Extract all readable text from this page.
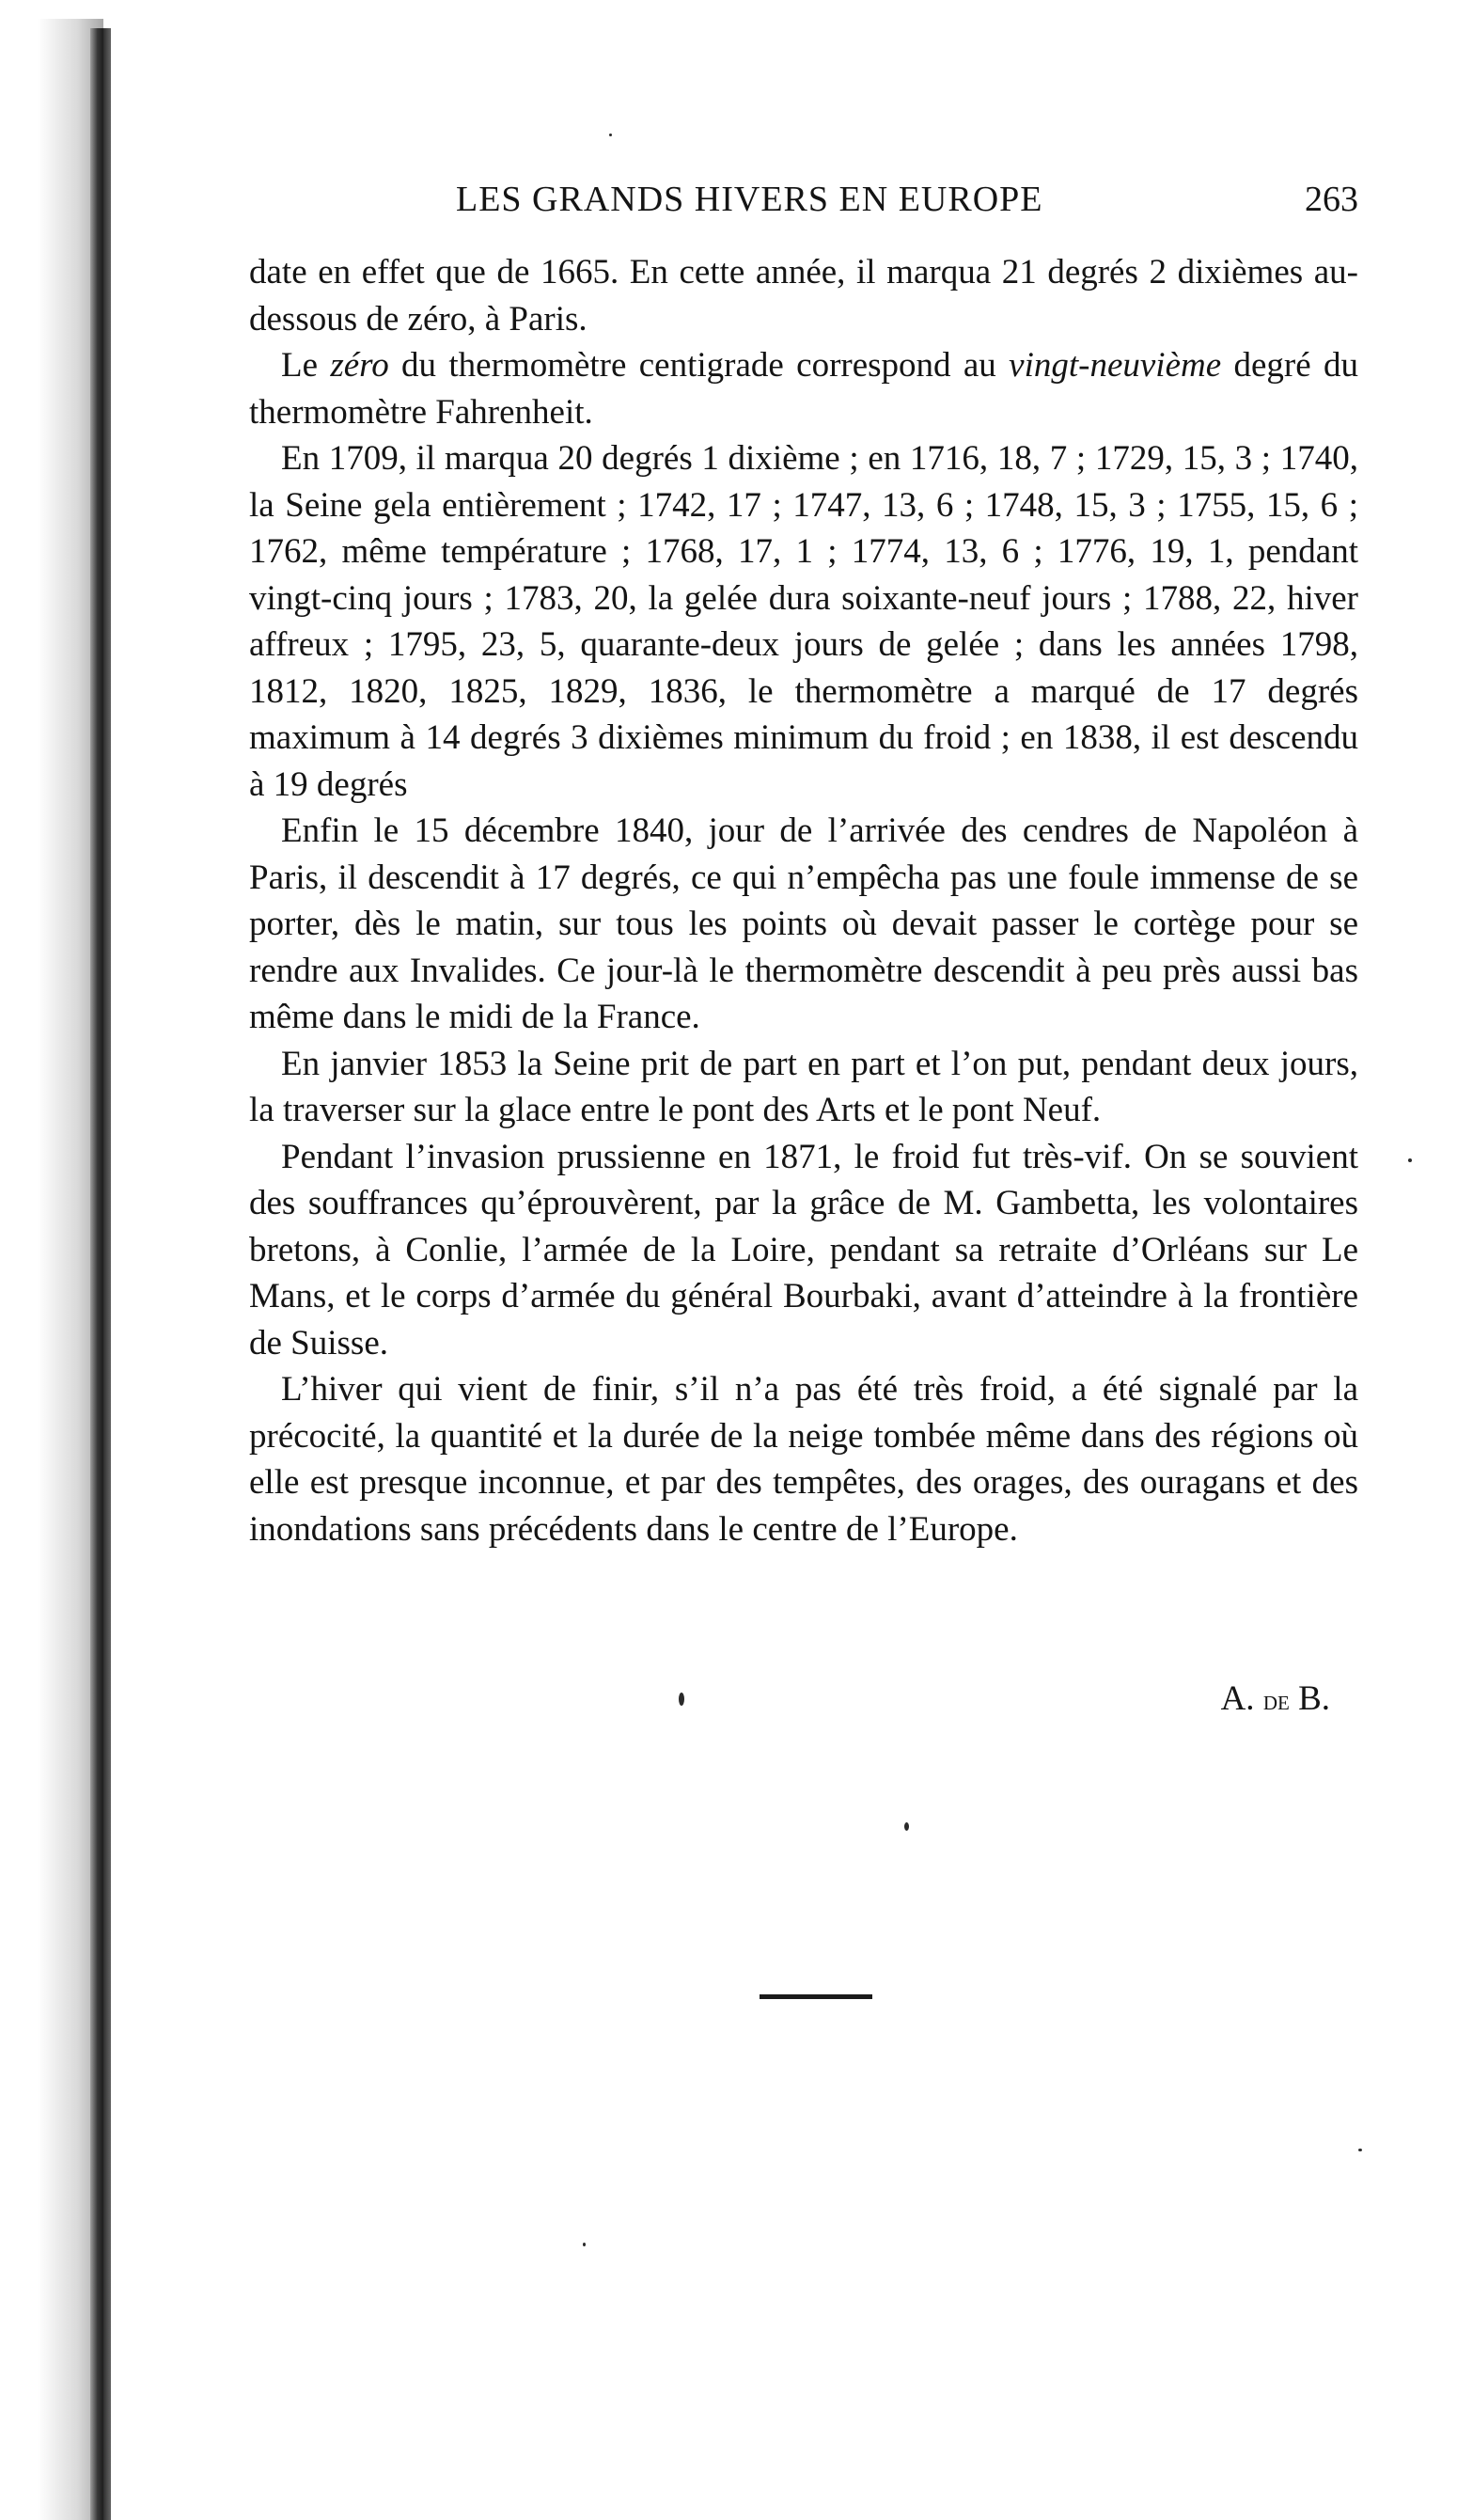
LES GRANDS HIVERS EN EUROPE	263

date en effet que de 1665. En cette année, il marqua 21 degrés 2 dixièmes au-dessous de zéro, à Paris.

Le zéro du thermomètre centigrade correspond au vingt-neuvième degré du thermomètre Fahrenheit.

En 1709, il marqua 20 degrés 1 dixième ; en 1716, 18, 7 ; 1729, 15, 3 ; 1740, la Seine gela entièrement ; 1742, 17 ; 1747, 13, 6 ; 1748, 15, 3 ; 1755, 15, 6 ; 1762, même température ; 1768, 17, 1 ; 1774, 13, 6 ; 1776, 19, 1, pendant vingt-cinq jours ; 1783, 20, la gelée dura soixante-neuf jours ; 1788, 22, hiver affreux ; 1795, 23, 5, quarante-deux jours de gelée ; dans les années 1798, 1812, 1820, 1825, 1829, 1836, le thermomètre a marqué de 17 degrés maximum à 14 degrés 3 dixièmes minimum du froid ; en 1838, il est descendu à 19 degrés

Enfin le 15 décembre 1840, jour de l’arrivée des cendres de Napoléon à Paris, il descendit à 17 degrés, ce qui n’empêcha pas une foule immense de se porter, dès le matin, sur tous les points où devait passer le cortège pour se rendre aux Invalides. Ce jour-là le thermomètre descendit à peu près aussi bas même dans le midi de la France.

En janvier 1853 la Seine prit de part en part et l’on put, pendant deux jours, la traverser sur la glace entre le pont des Arts et le pont Neuf.

Pendant l’invasion prussienne en 1871, le froid fut très-vif. On se souvient des souffrances qu’éprouvèrent, par la grâce de M. Gambetta, les volontaires bretons, à Conlie, l’armée de la Loire, pendant sa retraite d’Orléans sur Le Mans, et le corps d’armée du général Bourbaki, avant d’atteindre à la frontière de Suisse.

L’hiver qui vient de finir, s’il n’a pas été très froid, a été signalé par la précocité, la quantité et la durée de la neige tombée même dans des régions où elle est presque inconnue, et par des tempêtes, des orages, des ouragans et des inondations sans précédents dans le centre de l’Europe.

A. de B.
